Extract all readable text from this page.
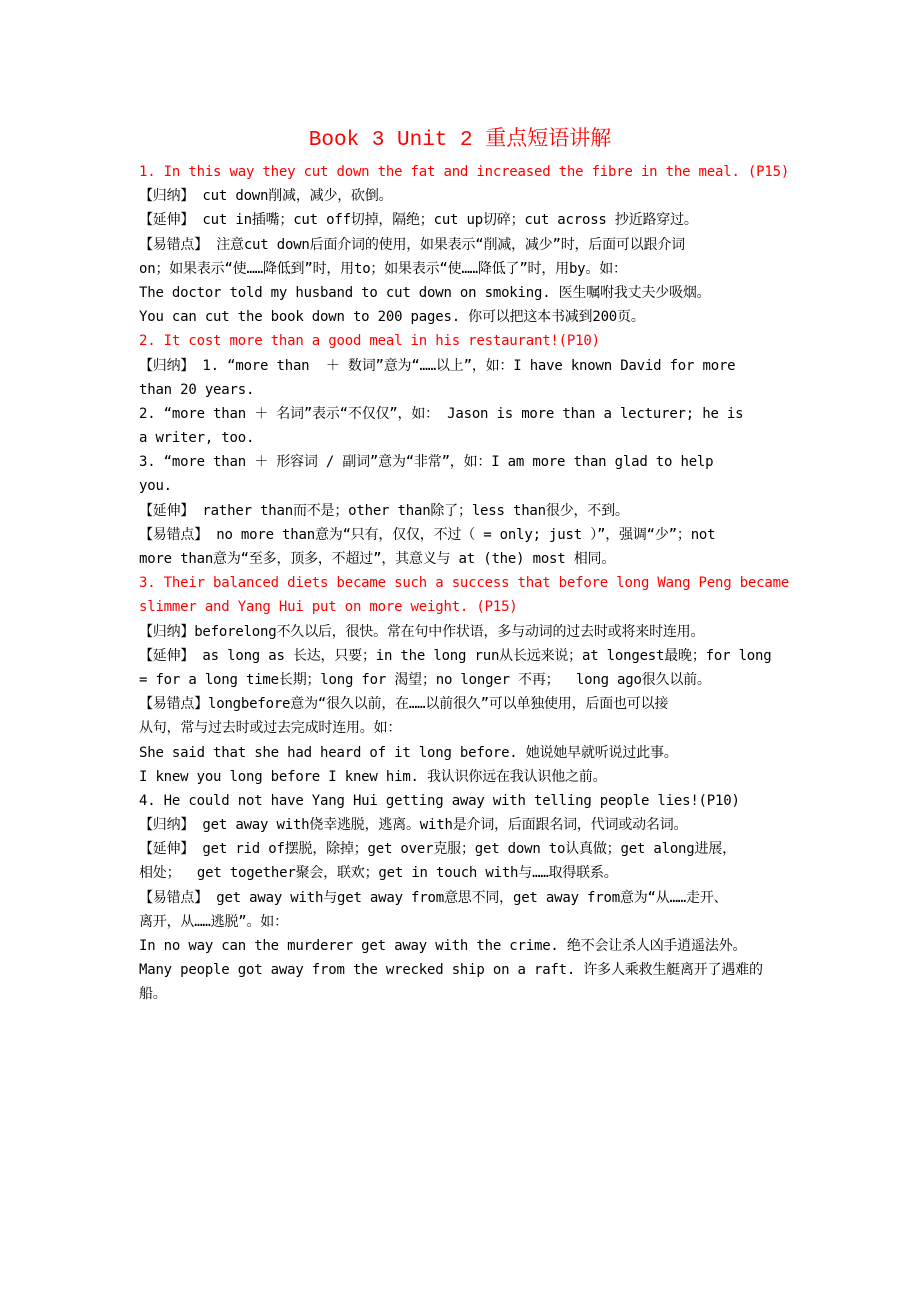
Book 3 Unit 2 重点短语讲解
1. In this way they cut down the fat and increased the fibre in the meal. (P15)
【归纳】 cut down削减，减少，砍倒。
【延伸】 cut in插嘴；cut off切掉，隔绝；cut up切碎；cut across 抄近路穿过。
【易错点】 注意cut down后面介词的使用，如果表示“削减，减少”时，后面可以跟介词
on；如果表示“使……降低到”时，用to；如果表示“使……降低了”时，用by。如：
The doctor told my husband to cut down on smoking. 医生嘱咐我丈夫少吸烟。
You can cut the book down to 200 pages. 你可以把这本书减到200页。
2. It cost more than a good meal in his restaurant!(P10)
【归纳】 1. “more than  ＋ 数词”意为“……以上”，如：I have known David for more
than 20 years.
2. “more than ＋ 名词”表示“不仅仅”，如： Jason is more than a lecturer; he is
a writer, too.
3. “more than ＋ 形容词 / 副词”意为“非常”，如：I am more than glad to help
you.
【延伸】 rather than而不是；other than除了；less than很少，不到。
【易错点】 no more than意为“只有，仅仅，不过（ = only; just ）”，强调“少”；not
more than意为“至多，顶多，不超过”，其意义与 at (the) most 相同。
3. Their balanced diets became such a success that before long Wang Peng became
slimmer and Yang Hui put on more weight. (P15)
【归纳】beforelong不久以后，很快。常在句中作状语，多与动词的过去时或将来时连用。
【延伸】 as long as 长达，只要；in the long run从长远来说；at longest最晚；for long
= for a long time长期；long for 渴望；no longer 不再；  long ago很久以前。
【易错点】longbefore意为“很久以前，在……以前很久”可以单独使用，后面也可以接
从句，常与过去时或过去完成时连用。如：
She said that she had heard of it long before. 她说她早就听说过此事。
I knew you long before I knew him. 我认识你远在我认识他之前。
4. He could not have Yang Hui getting away with telling people lies!(P10)
【归纳】 get away with侥幸逃脱，逃离。with是介词，后面跟名词，代词或动名词。
【延伸】 get rid of摆脱，除掉；get over克服；get down to认真做；get along进展，
相处；  get together聚会，联欢；get in touch with与……取得联系。
【易错点】 get away with与get away from意思不同，get away from意为“从……走开、
离开，从……逃脱”。如：
In no way can the murderer get away with the crime. 绝不会让杀人凶手逍遥法外。
Many people got away from the wrecked ship on a raft. 许多人乘救生艇离开了遇难的
船。
